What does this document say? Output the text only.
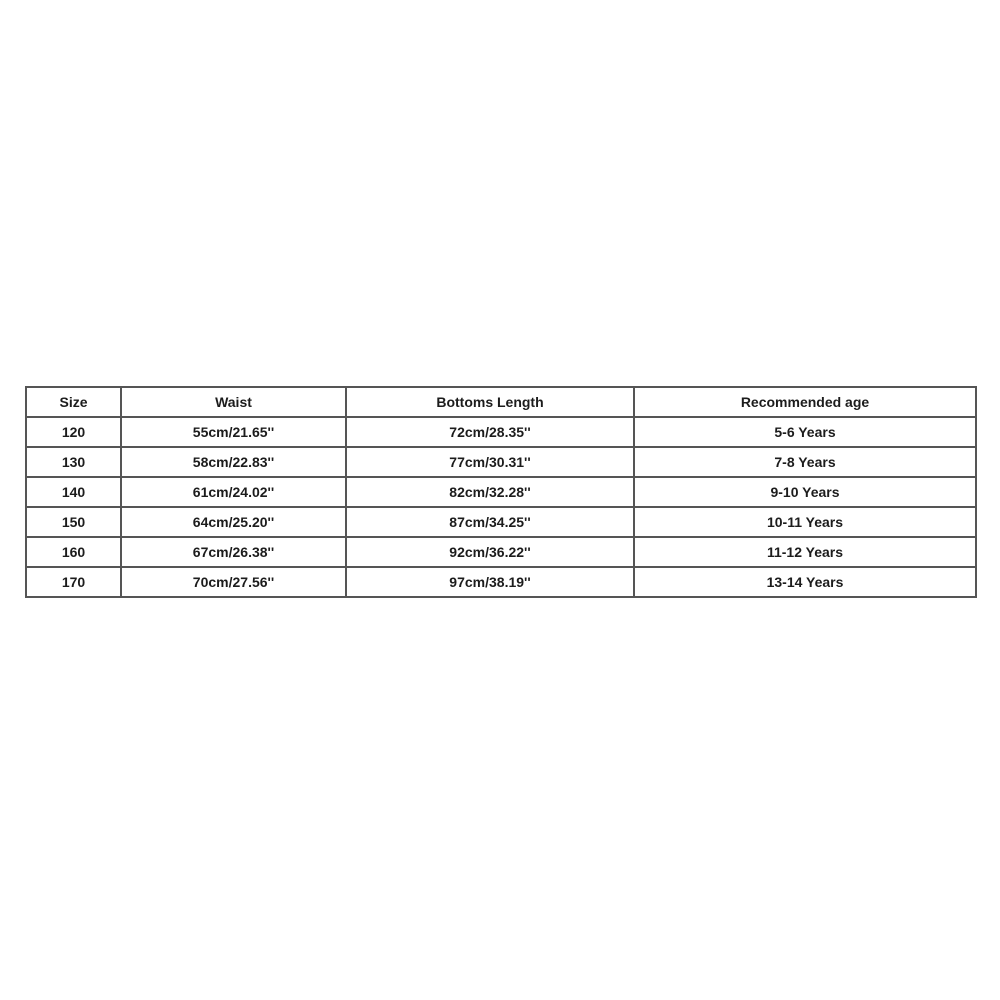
Size	Waist	Bottoms Length	Recommended age
120	55cm/21.65''	72cm/28.35''	5-6 Years
130	58cm/22.83''	77cm/30.31''	7-8 Years
140	61cm/24.02''	82cm/32.28''	9-10 Years
150	64cm/25.20''	87cm/34.25''	10-11 Years
160	67cm/26.38''	92cm/36.22''	11-12 Years
170	70cm/27.56''	97cm/38.19''	13-14 Years
